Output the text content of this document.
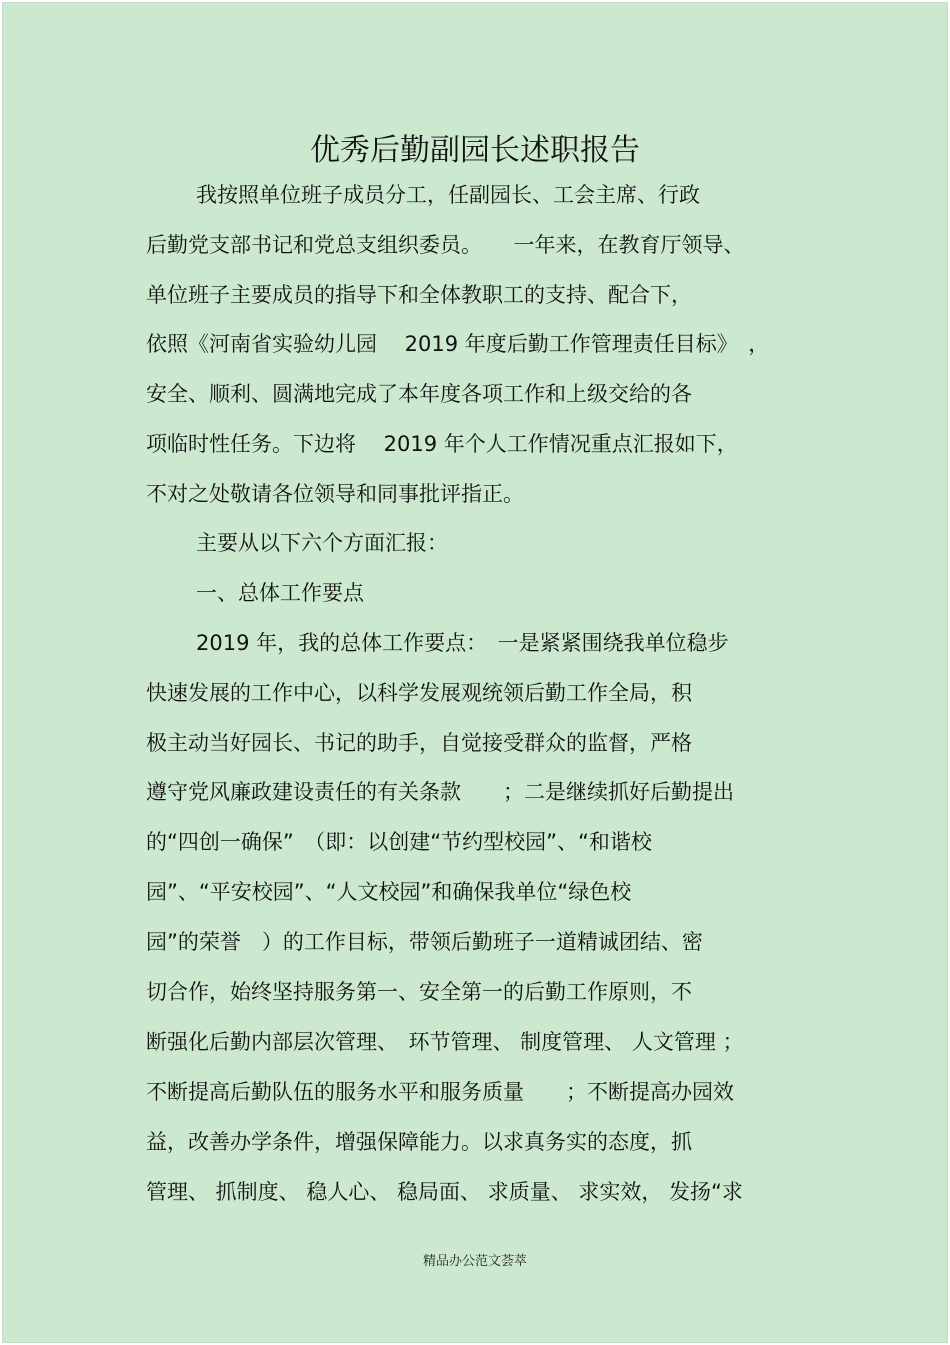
优秀后勤副园长述职报告
我按照单位班子成员分工，任副园长、工会主席、行政
后勤党支部书记和党总支组织委员。　　一年来，在教育厅领导、
单位班子主要成员的指导下和全体教职工的支持、配合下，
依照《河南省实验幼儿园　 2019 年度后勤工作管理责任目标》　，
安全、顺利、圆满地完成了本年度各项工作和上级交给的各
项临时性任务。下边将　 2019 年个人工作情况重点汇报如下，
不对之处敬请各位领导和同事批评指正。
主要从以下六个方面汇报：
一、总体工作要点
2019 年，我的总体工作要点：　一是紧紧围绕我单位稳步
快速发展的工作中心，以科学发展观统领后勤工作全局，积
极主动当好园长、书记的助手，自觉接受群众的监督，严格
遵守党风廉政建设责任的有关条款　　；二是继续抓好后勤提出
的“四创一确保”　（即：以创建“节约型校园”、“和谐校
园”、“平安校园”、“人文校园”和确保我单位“绿色校
园”的荣誉　）的工作目标，带领后勤班子一道精诚团结、密
切合作，始终坚持服务第一、安全第一的后勤工作原则，不
断强化后勤内部层次管理、　环节管理、 制度管理、 人文管理 ；
不断提高后勤队伍的服务水平和服务质量　　；不断提高办园效
益，改善办学条件，增强保障能力。以求真务实的态度，抓
管理、 抓制度、 稳人心、 稳局面、 求质量、 求实效， 发扬“求
精品办公范文荟萃
